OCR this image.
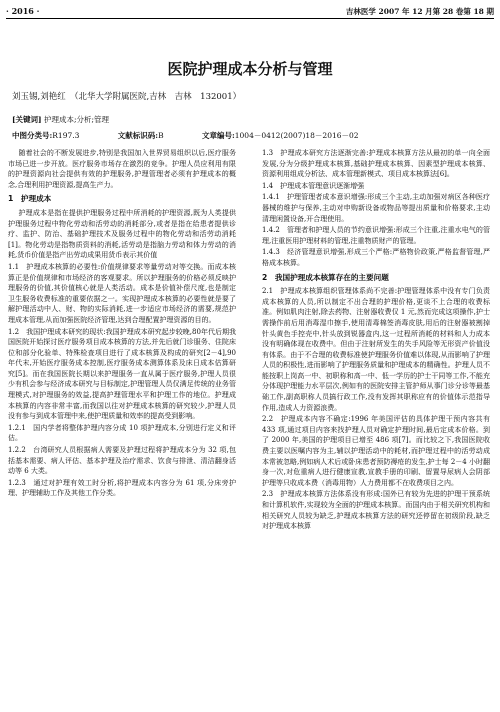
· 2016 ·	吉林医学 2007 年 12 月第 28 卷第 18 期
医院护理成本分析与管理
刘玉锡,刘艳红　（北华大学附属医院,吉林　吉林　132001）
[关键词] 护理成本;分析;管理
中图分类号:R197.3	文献标识码:B	文章编号:1004－0412(2007)18－2016－02

随着社会的不断发展进步,特别是我国加入世界贸易组织以后,医疗服务市场已进一步开放。医疗服务市场存在激烈的竞争。护理人员应利用有限的护理资源向社会提供有效的护理服务,护理管理者必须有护理成本的概念,合理利用护理资源,提高生产力。

1　护理成本

护理成本是指在提供护理服务过程中所消耗的护理资源,既为人类提供护理服务过程中物化劳动和活劳动的消耗部分,或者是指在给患者提供诊疗、监护、防治、基础护理技术及服务过程中的物化劳动和活劳动消耗[1]。物化劳动是指物质资料的消耗,活劳动是指脑力劳动和体力劳动的消耗,货币价值是指产出劳动成果用货币表示其价值

1.1　护理成本核算的必要性:价值规律要求等量劳动对等交换。而成本核算正是价值规律和市场经济的客观要求。所以护理服务的价格必须反映护理服务的价值,其价值核心就是人类活动。成本是价值补偿尺度,也是制定卫生服务收费标准的重要依据之一。实现护理成本核算的必要性就是要了解护理活动中人、财、物的实际消耗,进一步适应市场经济的需要,规范护理成本管理,从而加强医院经济管理,达到合理配置护理资源的目的。

1.2　我国护理成本研究的现状:我国护理成本研究起步较晚,80年代后期我国医院开始探讨医疗服务项目成本核算的方法,并先后就门诊服务、住院床位和部分化验单、特殊检查项目进行了成本核算及构成的研究[2－4],90年代末,开始医疗服务成本控制,医疗服务成本测算体系及床日成本估算研究[5]。而在我国医院长期以来护理服务一直从属于医疗服务,护理人员很少有机会参与经济成本研究与目标制定,护理管理人员仅满足传统的业务管理模式,对护理服务的效益,提高护理管理水平和护理工作的地位。护理成本核算的内容非常丰富,而我国以往对护理成本核算的研究较少,护理人员没有参与到成本管理中来,使护理质量和效率的提高受到影响。

1.2.1　国内学者将整体护理内容分成 10 项护理成本,分别进行定义和评估。

1.2.2　台湾研究人员根据病人需要及护理过程将护理成本分为 32 项,包括基本需要、病人评估、基本护理及治疗需求、饮食与排泄、清洁翻身活动等 6 大类。

1.2.3　通过对护理有效工时分析,将护理成本内容分为 61 项,分床旁护理、护理辅助工作及其他工作分类。

1.3　护理成本研究方法逐渐完善:护理成本核算方法从最初的单一向全面发展,分为分级护理成本核算,基础护理成本核算、因素型护理成本核算、资源利用组成分析法、成本管理新模式、项目成本核算法[6]。

1.4　护理成本管理意识逐渐增强

1.4.1　护理管理者成本意识增强:形成三个主动,主动加强对病区各种医疗器械的维护与保养,主动对申购新设备或物品等提出质量和价格要求,主动清理闲置设备,开合理使用。

1.4.2　管理者和护理人员的节约意识增强:形成三个注重,注重水电气的管理,注重医用护理材料的管理,注重物质财产的管理。

1.4.3　经济管理意识增强,形成三个严格:严格物价政策,严格监督管理,严格成本核算。

2　我国护理成本核算存在的主要问题

2.1　护理成本核算组织管理体系尚不完善:护理管理体系中没有专门负责成本核算的人员,所以制定不出合理的护理价格,更谈不上合理的收费标准。例如肌肉注射,除去药物、注射器收费仅 1 元,然而完成这项操作,护士需操作前后用消毒湿巾擦手,使用清毒棉签消毒皮肤,用后的注射器被割掉针头黄色手控壳中,针头放到锐器盒内,这一过程所消耗的材料和人力成本没有明确体现在收费中。但由于注射所发生的失手风险等无形资产价值没有体系。由于不合理的收费标准使护理服务价值难以体现,从而影响了护理人员的积极性,进而影响了护理服务质量和护理成本的精确性。护理人员不能按职上岗高一中、初职称和高一中、低一学历的护士干同等工作,不能充分体现护理能力水平层次,例如有的医院安排主管护师从事门诊分诊等最基础工作,副高职称人员搞行政工作,没有发挥其职称应有的价值体示范指导作用,造成人力资源浪费。

2.2　护理成本内容不确定:1996 年美国评估的具体护理干预内容共有 433 项,通过项目内容来找护理人员对确定护理时间,最后定成本价格。到了 2000 年,美国的护理项目已增至 486 项[7]。而比较之下,我国医院收费主要以医嘱内容为主,辅以护理活动中的耗材,而护理过程中的活劳动成本常被忽略,例如病人术后或卧床患者预防褥疮的发生,护士每 2－4 小时翻身一次,对危重病人进行健康宣教,宣教手册的印刷、留置导尿病人会阴部护理等只收成本费（消毒用物）人力费用都不在收费项目之内。

2.3　护理成本核算方法体系没有形成:国外已有较为先进的护理干预系统和计算机软件,实现较为全面的护理成本核算。而国内由于相关研究机构和相关研究人员较为缺乏,护理成本核算方法的研究还停留在初级阶段,缺乏对护理成本核算
